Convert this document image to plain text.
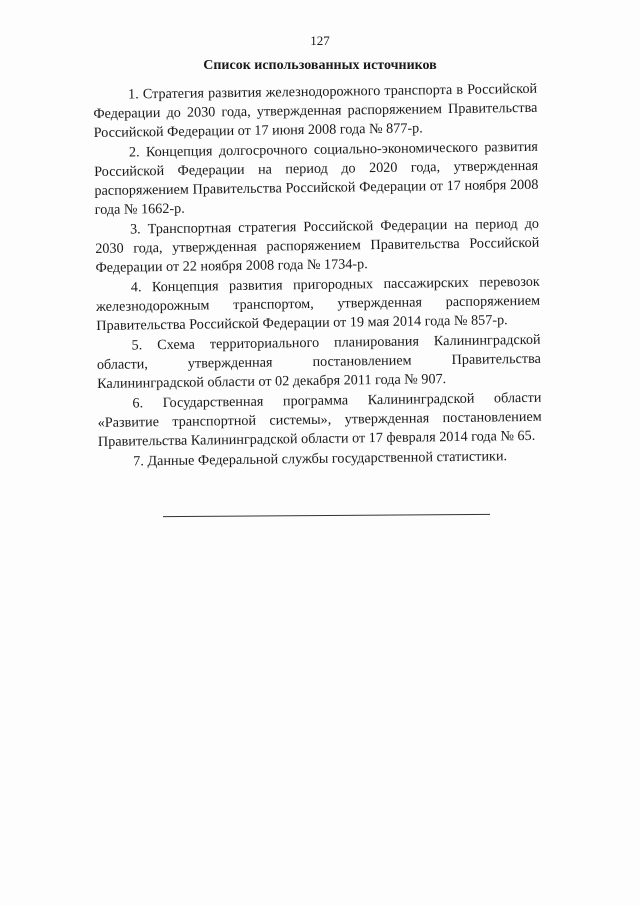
127
Список использованных источников
1. Стратегия развития железнодорожного транспорта в Российской Федерации до 2030 года, утвержденная распоряжением Правительства Российской Федерации от 17 июня 2008 года № 877-р.
2. Концепция долгосрочного социально-экономического развития Российской Федерации на период до 2020 года, утвержденная распоряжением Правительства Российской Федерации от 17 ноября 2008 года № 1662-р.
3. Транспортная стратегия Российской Федерации на период до 2030 года, утвержденная распоряжением Правительства Российской Федерации от 22 ноября 2008 года № 1734-р.
4. Концепция развития пригородных пассажирских перевозок железнодорожным транспортом, утвержденная распоряжением Правительства Российской Федерации от 19 мая 2014 года № 857-р.
5. Схема территориального планирования Калининградской области, утвержденная постановлением Правительства Калининградской области от 02 декабря 2011 года № 907.
6. Государственная программа Калининградской области «Развитие транспортной системы», утвержденная постановлением Правительства Калининградской области от 17 февраля 2014 года № 65.
7. Данные Федеральной службы государственной статистики.
